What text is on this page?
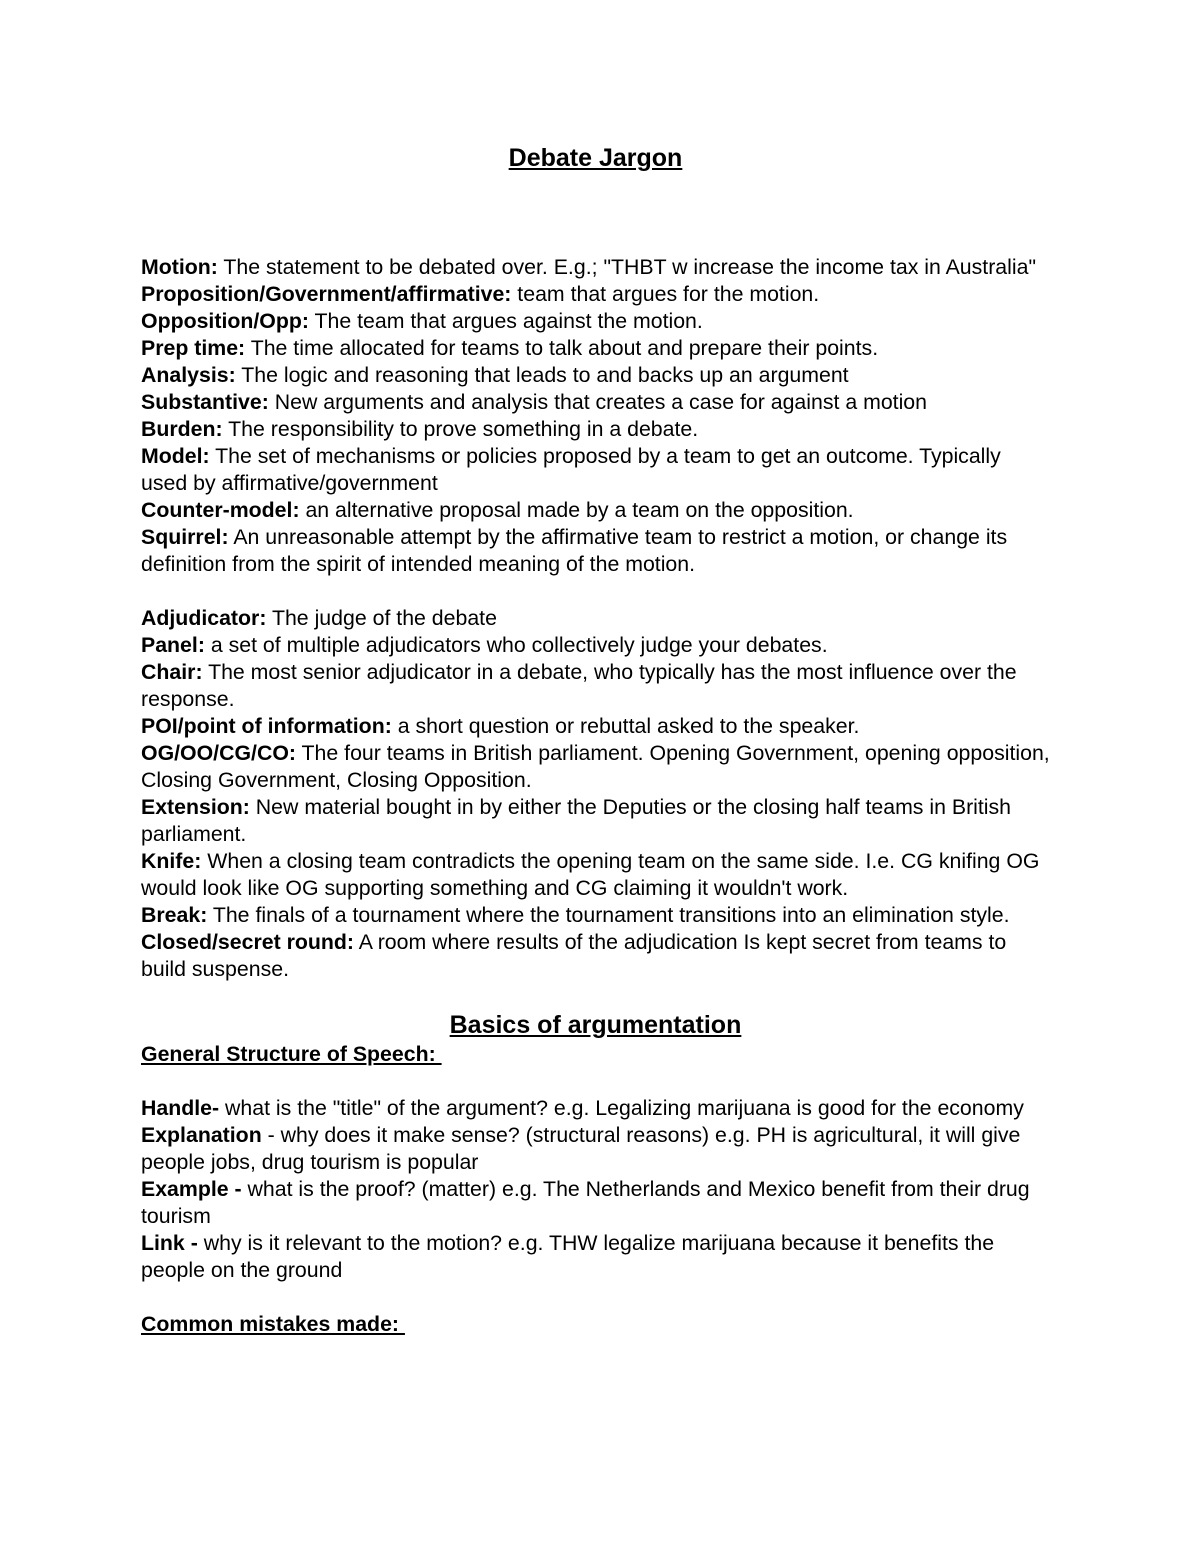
Debate Jargon

Motion: The statement to be debated over. E.g.; "THBT w increase the income tax in Australia"

Proposition/Government/affirmative: team that argues for the motion.

Opposition/Opp: The team that argues against the motion.

Prep time: The time allocated for teams to talk about and prepare their points.

Analysis: The logic and reasoning that leads to and backs up an argument

Substantive: New arguments and analysis that creates a case for against a motion

Burden: The responsibility to prove something in a debate.

Model: The set of mechanisms or policies proposed by a team to get an outcome. Typically used by affirmative/government

Counter-model: an alternative proposal made by a team on the opposition.

Squirrel: An unreasonable attempt by the affirmative team to restrict a motion, or change its definition from the spirit of intended meaning of the motion.

Adjudicator: The judge of the debate

Panel: a set of multiple adjudicators who collectively judge your debates.

Chair: The most senior adjudicator in a debate, who typically has the most influence over the response.

POI/point of information: a short question or rebuttal asked to the speaker.

OG/OO/CG/CO: The four teams in British parliament. Opening Government, opening opposition, Closing Government, Closing Opposition.

Extension: New material bought in by either the Deputies or the closing half teams in British parliament.

Knife: When a closing team contradicts the opening team on the same side. I.e. CG knifing OG would look like OG supporting something and CG claiming it wouldn't work.

Break: The finals of a tournament where the tournament transitions into an elimination style.

Closed/secret round: A room where results of the adjudication Is kept secret from teams to build suspense.

Basics of argumentation

General Structure of Speech:

Handle- what is the "title" of the argument? e.g. Legalizing marijuana is good for the economy

Explanation - why does it make sense? (structural reasons) e.g. PH is agricultural, it will give people jobs, drug tourism is popular

Example - what is the proof? (matter) e.g. The Netherlands and Mexico benefit from their drug tourism

Link - why is it relevant to the motion? e.g. THW legalize marijuana because it benefits the people on the ground

Common mistakes made:
